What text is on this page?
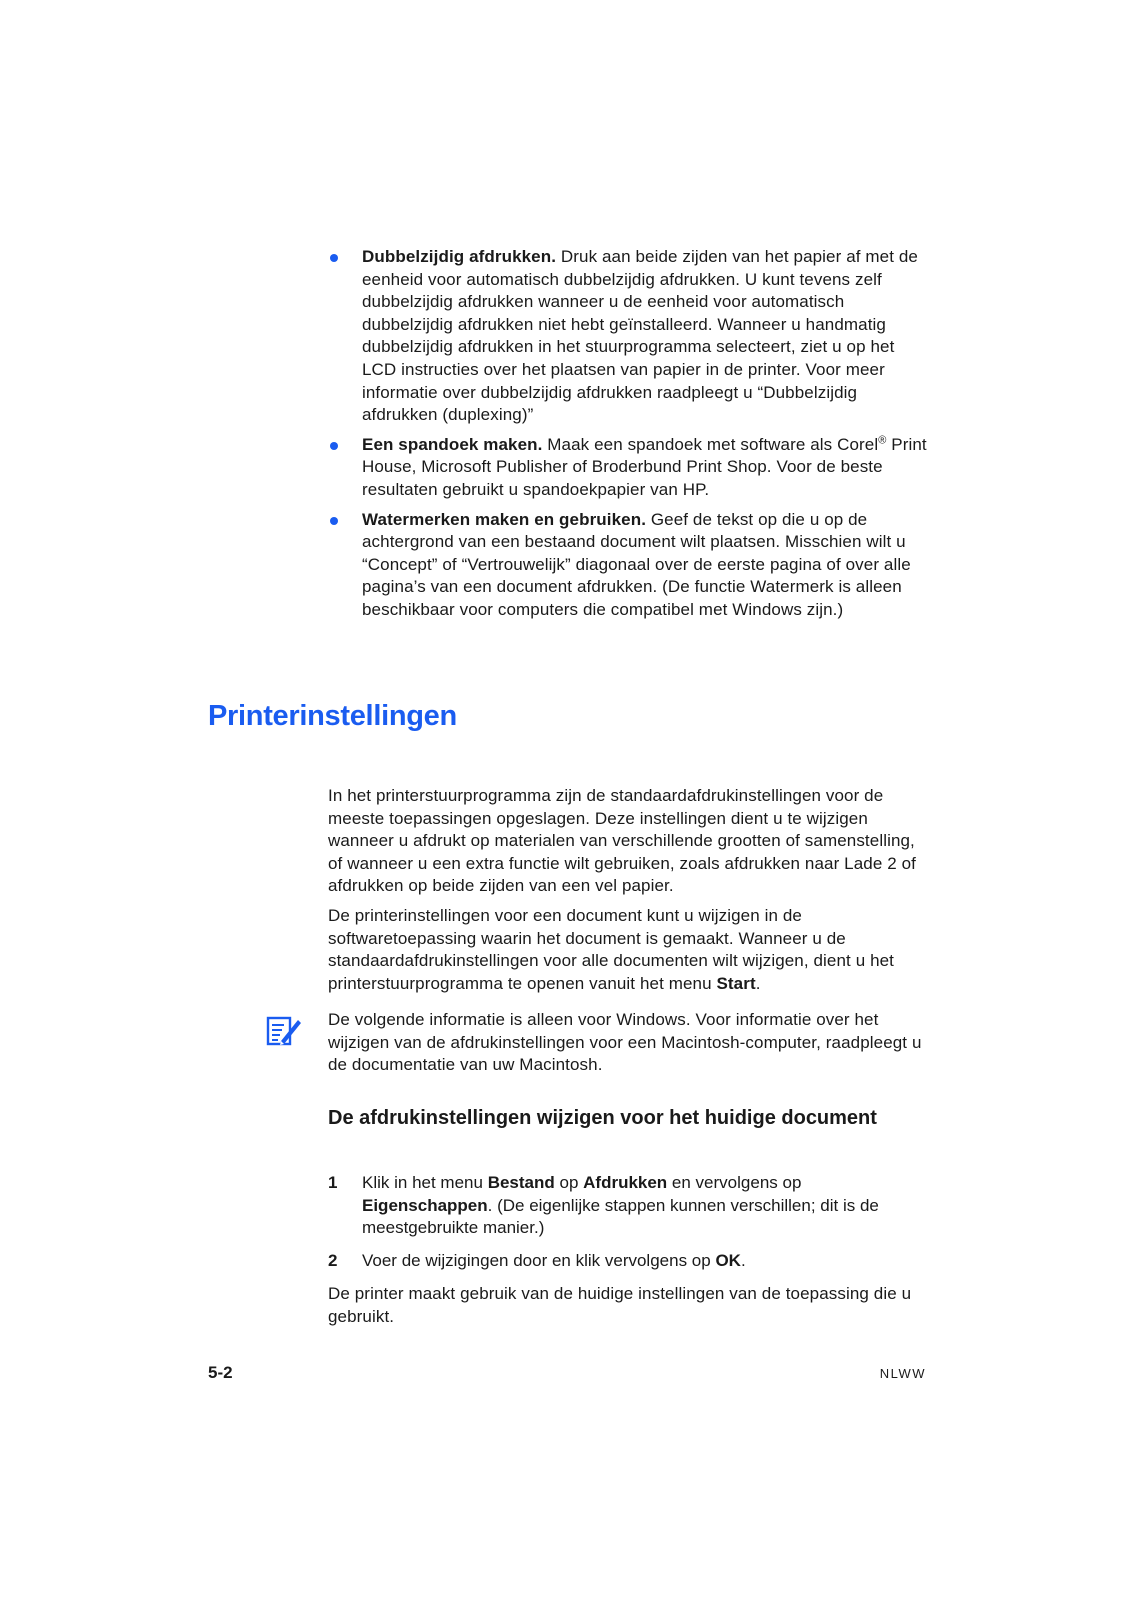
Dubbelzijdig afdrukken. Druk aan beide zijden van het papier af met de eenheid voor automatisch dubbelzijdig afdrukken. U kunt tevens zelf dubbelzijdig afdrukken wanneer u de eenheid voor automatisch dubbelzijdig afdrukken niet hebt geïnstalleerd. Wanneer u handmatig dubbelzijdig afdrukken in het stuurprogramma selecteert, ziet u op het LCD instructies over het plaatsen van papier in de printer. Voor meer informatie over dubbelzijdig afdrukken raadpleegt u “Dubbelzijdig afdrukken (duplexing)”
Een spandoek maken. Maak een spandoek met software als Corel® Print House, Microsoft Publisher of Broderbund Print Shop. Voor de beste resultaten gebruikt u spandoekpapier van HP.
Watermerken maken en gebruiken. Geef de tekst op die u op de achtergrond van een bestaand document wilt plaatsen. Misschien wilt u “Concept” of “Vertrouwelijk” diagonaal over de eerste pagina of over alle pagina’s van een document afdrukken. (De functie Watermerk is alleen beschikbaar voor computers die compatibel met Windows zijn.)
Printerinstellingen

In het printerstuurprogramma zijn de standaardafdrukinstellingen voor de meeste toepassingen opgeslagen. Deze instellingen dient u te wijzigen wanneer u afdrukt op materialen van verschillende grootten of samenstelling, of wanneer u een extra functie wilt gebruiken, zoals afdrukken naar Lade 2 of afdrukken op beide zijden van een vel papier.

De printerinstellingen voor een document kunt u wijzigen in de softwaretoepassing waarin het document is gemaakt. Wanneer u de standaardafdrukinstellingen voor alle documenten wilt wijzigen, dient u het printerstuurprogramma te openen vanuit het menu Start.

De volgende informatie is alleen voor Windows. Voor informatie over het wijzigen van de afdrukinstellingen voor een Macintosh-computer, raadpleegt u de documentatie van uw Macintosh.

De afdrukinstellingen wijzigen voor het huidige document
1 Klik in het menu Bestand op Afdrukken en vervolgens op Eigenschappen. (De eigenlijke stappen kunnen verschillen; dit is de meestgebruikte manier.)
2 Voer de wijzigingen door en klik vervolgens op OK.

De printer maakt gebruik van de huidige instellingen van de toepassing die u gebruikt.

5-2	NLWW
